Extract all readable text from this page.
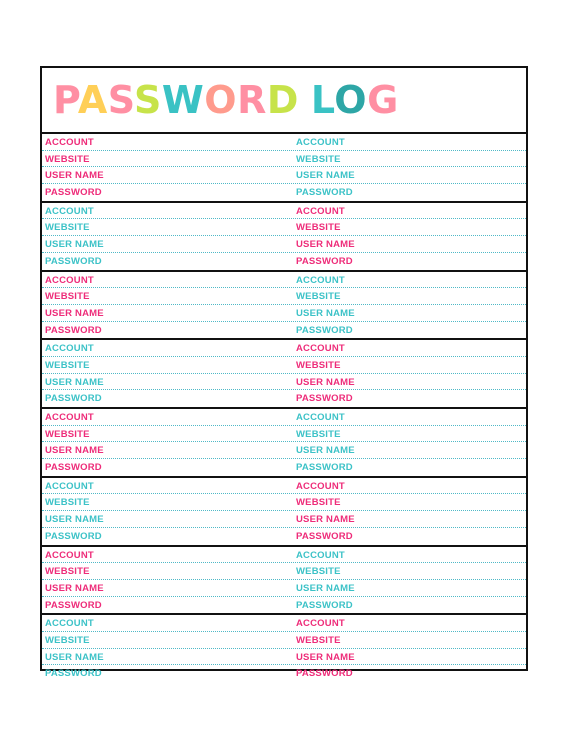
PASSWORD LOG
ACCOUNT	ACCOUNT
WEBSITE	WEBSITE
USER NAME	USER NAME
PASSWORD	PASSWORD
ACCOUNT	ACCOUNT
WEBSITE	WEBSITE
USER NAME	USER NAME
PASSWORD	PASSWORD
ACCOUNT	ACCOUNT
WEBSITE	WEBSITE
USER NAME	USER NAME
PASSWORD	PASSWORD
ACCOUNT	ACCOUNT
WEBSITE	WEBSITE
USER NAME	USER NAME
PASSWORD	PASSWORD
ACCOUNT	ACCOUNT
WEBSITE	WEBSITE
USER NAME	USER NAME
PASSWORD	PASSWORD
ACCOUNT	ACCOUNT
WEBSITE	WEBSITE
USER NAME	USER NAME
PASSWORD	PASSWORD
ACCOUNT	ACCOUNT
WEBSITE	WEBSITE
USER NAME	USER NAME
PASSWORD	PASSWORD
ACCOUNT	ACCOUNT
WEBSITE	WEBSITE
USER NAME	USER NAME
PASSWORD	PASSWORD
